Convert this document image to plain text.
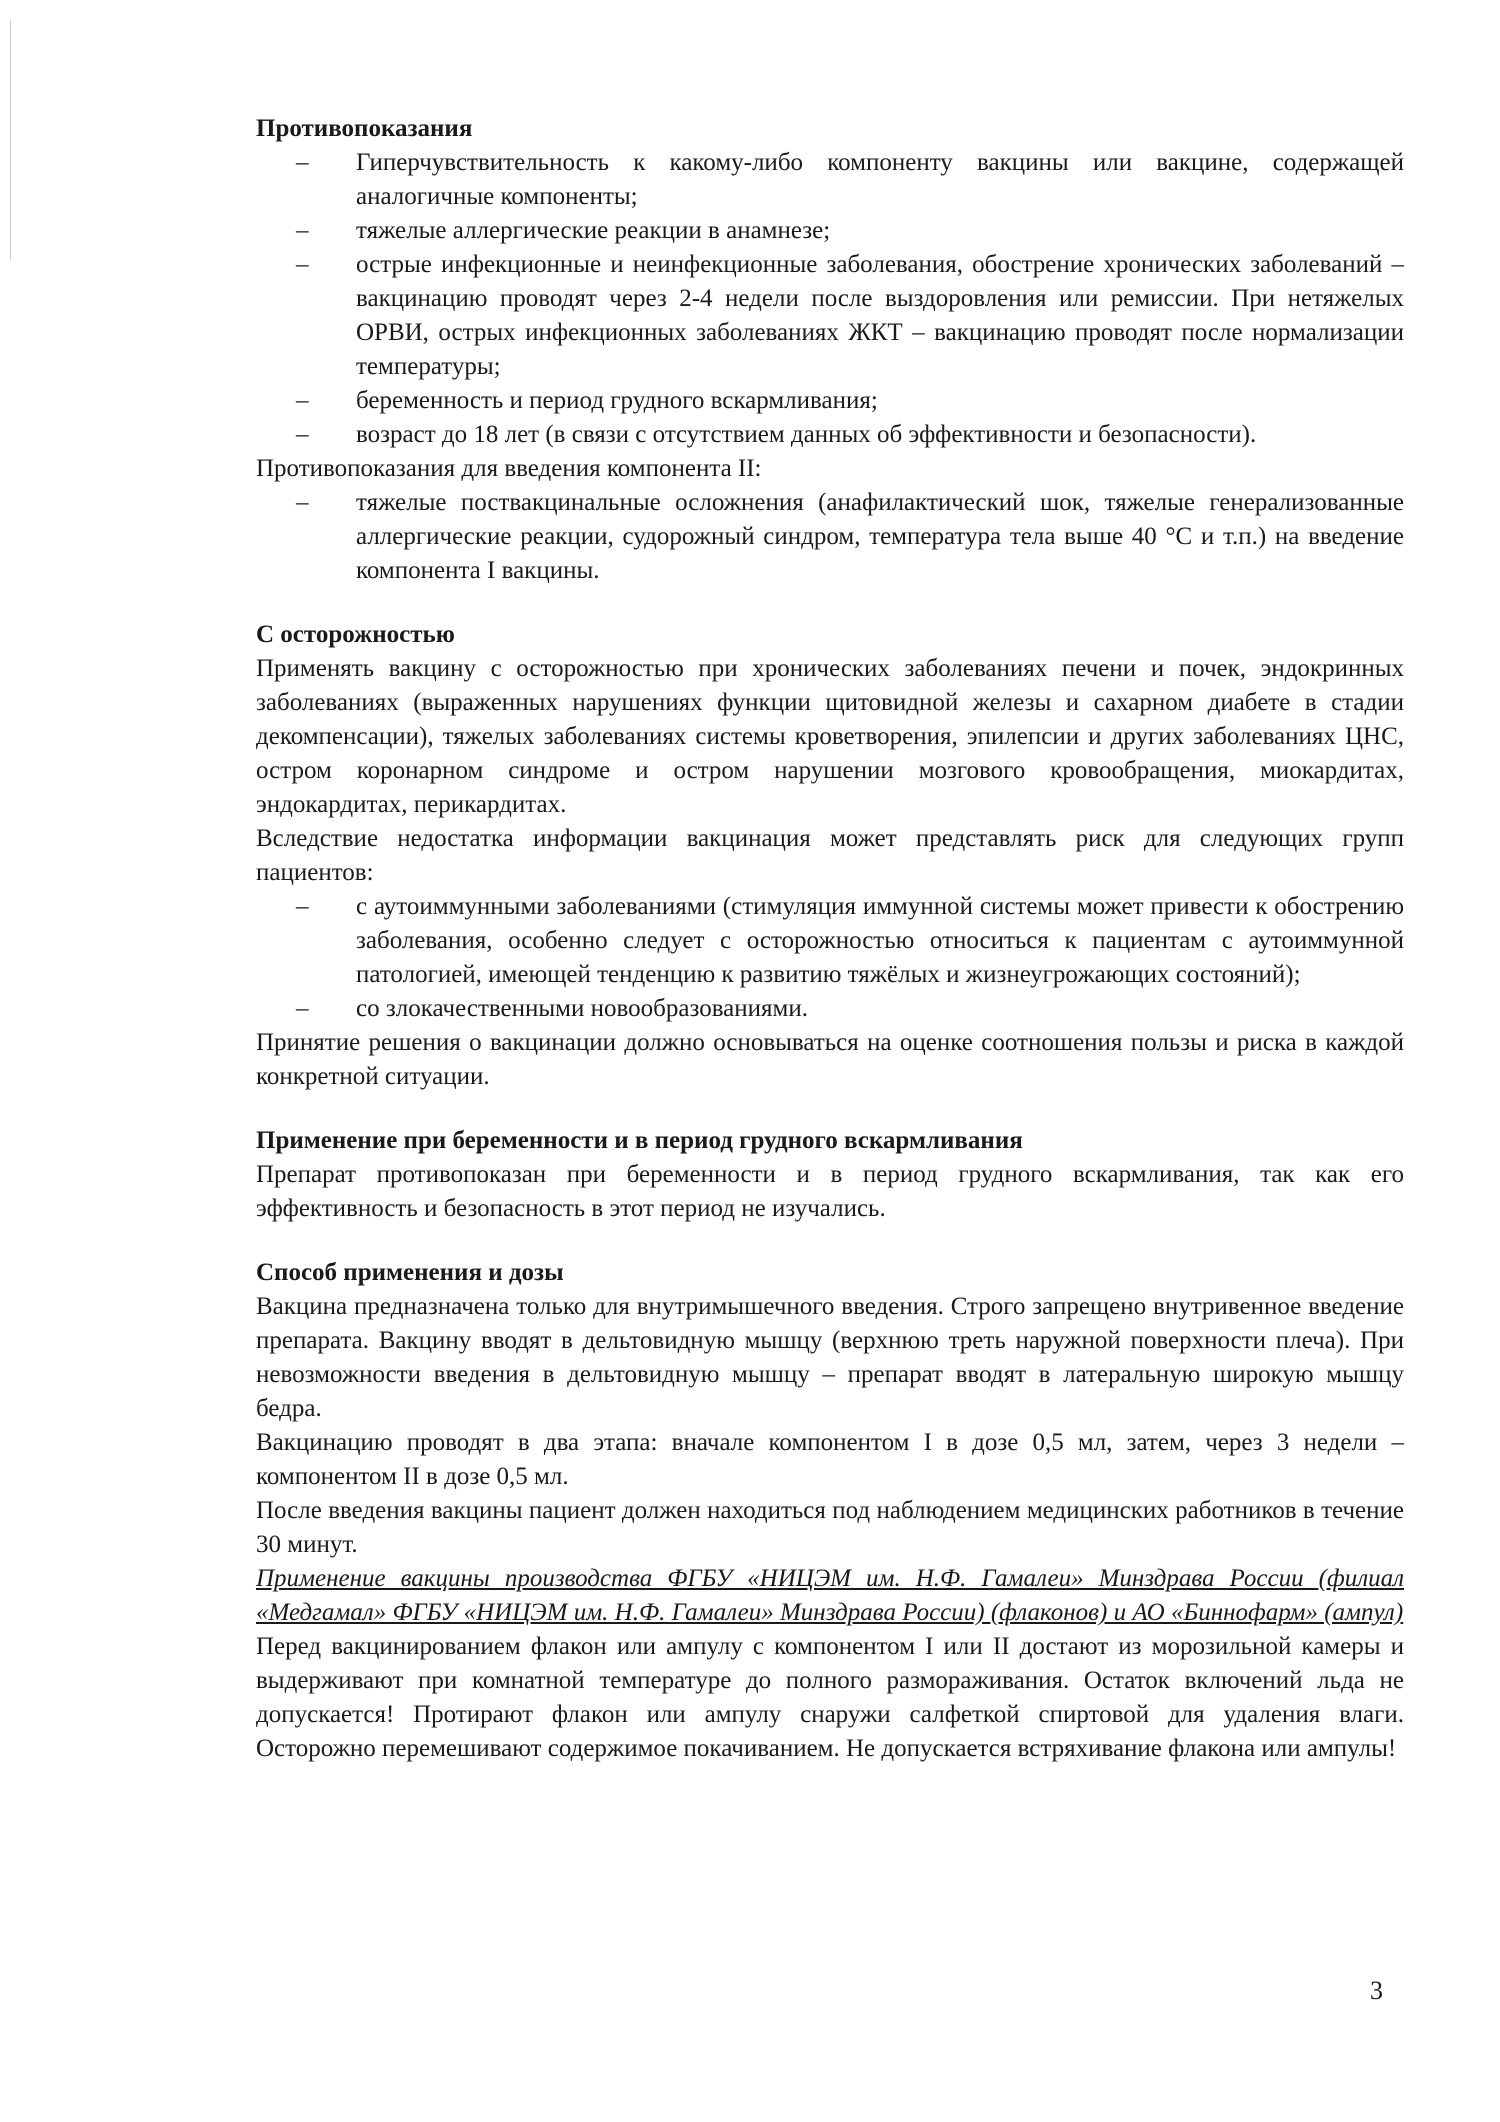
Противопоказания

– Гиперчувствительность к какому-либо компоненту вакцины или вакцине, содержащей аналогичные компоненты;
– тяжелые аллергические реакции в анамнезе;
– острые инфекционные и неинфекционные заболевания, обострение хронических заболеваний – вакцинацию проводят через 2-4 недели после выздоровления или ремиссии. При нетяжелых ОРВИ, острых инфекционных заболеваниях ЖКТ – вакцинацию проводят после нормализации температуры;
– беременность и период грудного вскармливания;
– возраст до 18 лет (в связи с отсутствием данных об эффективности и безопасности).

Противопоказания для введения компонента II:

– тяжелые поствакцинальные осложнения (анафилактический шок, тяжелые генерализованные аллергические реакции, судорожный синдром, температура тела выше 40 °С и т.п.) на введение компонента I вакцины.

С осторожностью

Применять вакцину с осторожностью при хронических заболеваниях печени и почек, эндокринных заболеваниях (выраженных нарушениях функции щитовидной железы и сахарном диабете в стадии декомпенсации), тяжелых заболеваниях системы кроветворения, эпилепсии и других заболеваниях ЦНС, остром коронарном синдроме и остром нарушении мозгового кровообращения, миокардитах, эндокардитах, перикардитах.

Вследствие недостатка информации вакцинация может представлять риск для следующих групп пациентов:

– с аутоиммунными заболеваниями (стимуляция иммунной системы может привести к обострению заболевания, особенно следует с осторожностью относиться к пациентам с аутоиммунной патологией, имеющей тенденцию к развитию тяжёлых и жизнеугрожающих состояний);
– со злокачественными новообразованиями.

Принятие решения о вакцинации должно основываться на оценке соотношения пользы и риска в каждой конкретной ситуации.

Применение при беременности и в период грудного вскармливания

Препарат противопоказан при беременности и в период грудного вскармливания, так как его эффективность и безопасность в этот период не изучались.

Способ применения и дозы

Вакцина предназначена только для внутримышечного введения. Строго запрещено внутривенное введение препарата. Вакцину вводят в дельтовидную мышцу (верхнюю треть наружной поверхности плеча). При невозможности введения в дельтовидную мышцу – препарат вводят в латеральную широкую мышцу бедра.

Вакцинацию проводят в два этапа: вначале компонентом I в дозе 0,5 мл, затем, через 3 недели – компонентом II в дозе 0,5 мл.

После введения вакцины пациент должен находиться под наблюдением медицинских работников в течение 30 минут.

Применение вакцины производства ФГБУ «НИЦЭМ им. Н.Ф. Гамалеи» Минздрава России (филиал «Медгамал» ФГБУ «НИЦЭМ им. Н.Ф. Гамалеи» Минздрава России) (флаконов) и АО «Биннофарм» (ампул)

Перед вакцинированием флакон или ампулу с компонентом I или II достают из морозильной камеры и выдерживают при комнатной температуре до полного размораживания. Остаток включений льда не допускается! Протирают флакон или ампулу снаружи салфеткой спиртовой для удаления влаги. Осторожно перемешивают содержимое покачиванием. Не допускается встряхивание флакона или ампулы!

3
